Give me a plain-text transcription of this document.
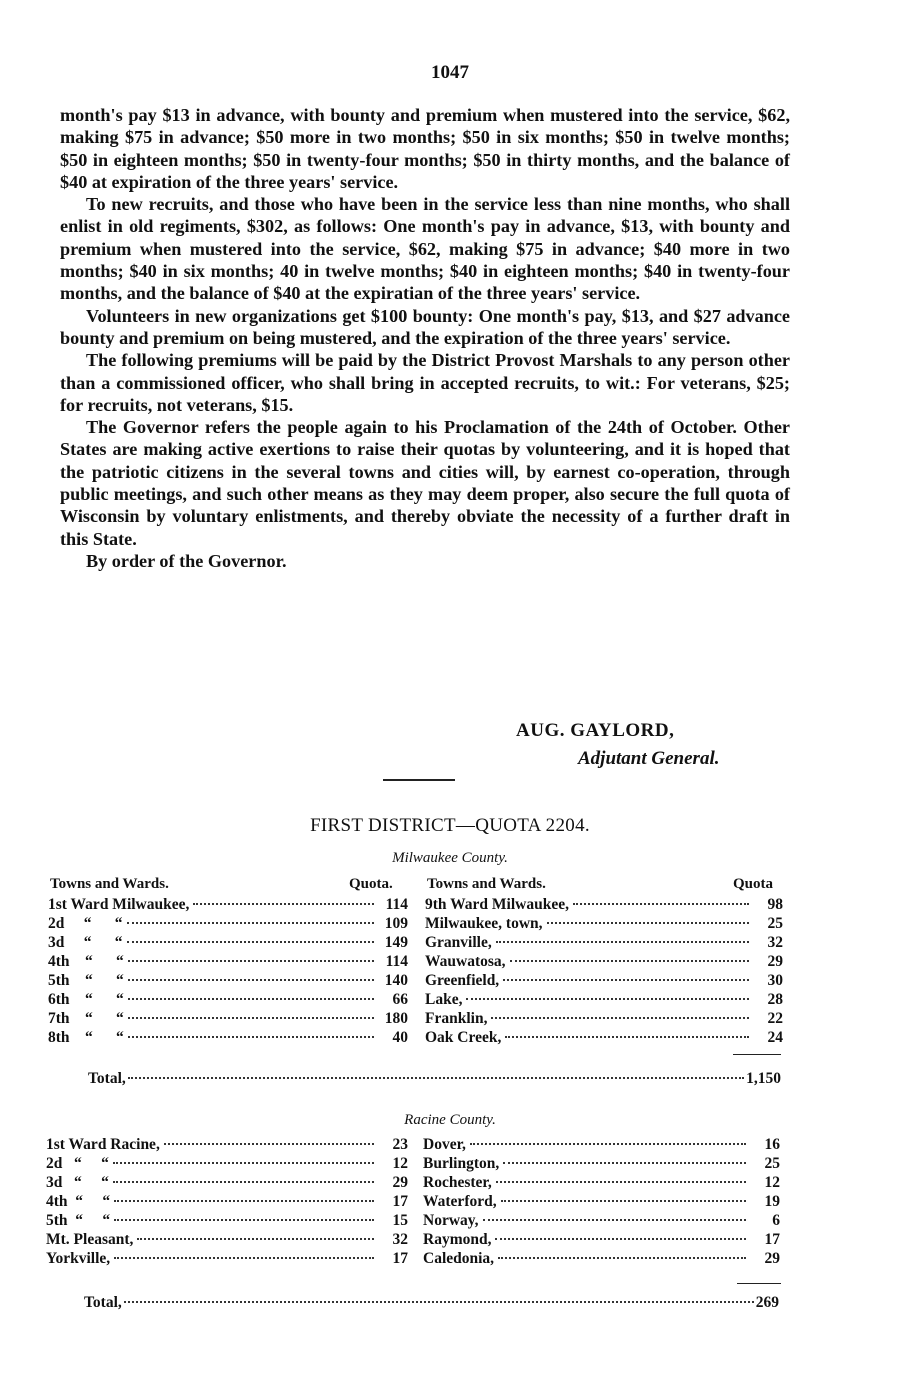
1047

month's pay $13 in advance, with bounty and premium when mustered into the service, $62, making $75 in advance; $50 more in two months; $50 in six months; $50 in twelve months; $50 in eighteen months; $50 in twenty-four months; $50 in thirty months, and the balance of $40 at expiration of the three years' service.

To new recruits, and those who have been in the service less than nine months, who shall enlist in old regiments, $302, as follows: One month's pay in advance, $13, with bounty and premium when mustered into the service, $62, making $75 in advance; $40 more in two months; $40 in six months; 40 in twelve months; $40 in eighteen months; $40 in twenty-four months, and the balance of $40 at the expiratian of the three years' service.

Volunteers in new organizations get $100 bounty: One month's pay, $13, and $27 advance bounty and premium on being mustered, and the expiration of the three years' service.

The following premiums will be paid by the District Provost Marshals to any person other than a commissioned officer, who shall bring in accepted recruits, to wit.: For veterans, $25; for recruits, not veterans, $15.

The Governor refers the people again to his Proclamation of the 24th of October. Other States are making active exertions to raise their quotas by volunteering, and it is hoped that the patriotic citizens in the several towns and cities will, by earnest co-operation, through public meetings, and such other means as they may deem proper, also secure the full quota of Wisconsin by voluntary enlistments, and thereby obviate the necessity of a further draft in this State.

By order of the Governor.

AUG. GAYLORD,
Adjutant General.
FIRST DISTRICT—QUOTA 2204.
Milwaukee County.
Towns and Wards.	Quota. Towns and Wards.	Quota
1st Ward Milwaukee,	114
2d     “      “	109
3d     “      “	149
4th    “      “	114
5th    “      “	140
6th    “      “	66
7th    “      “	180
8th    “      “	40
9th Ward Milwaukee,	98
Milwaukee, town,	25
Granville,	32
Wauwatosa,	29
Greenfield,	30
Lake,	28
Franklin,	22
Oak Creek,	24
Total,	1,150
Racine County.
1st Ward Racine,	23
2d   “     “	12
3d   “     “	29
4th  “     “	17
5th  “     “	15
Mt. Pleasant,	32
Yorkville,	17
Dover,	16
Burlington,	25
Rochester,	12
Waterford,	19
Norway,	6
Raymond,	17
Caledonia,	29
Total,	269
